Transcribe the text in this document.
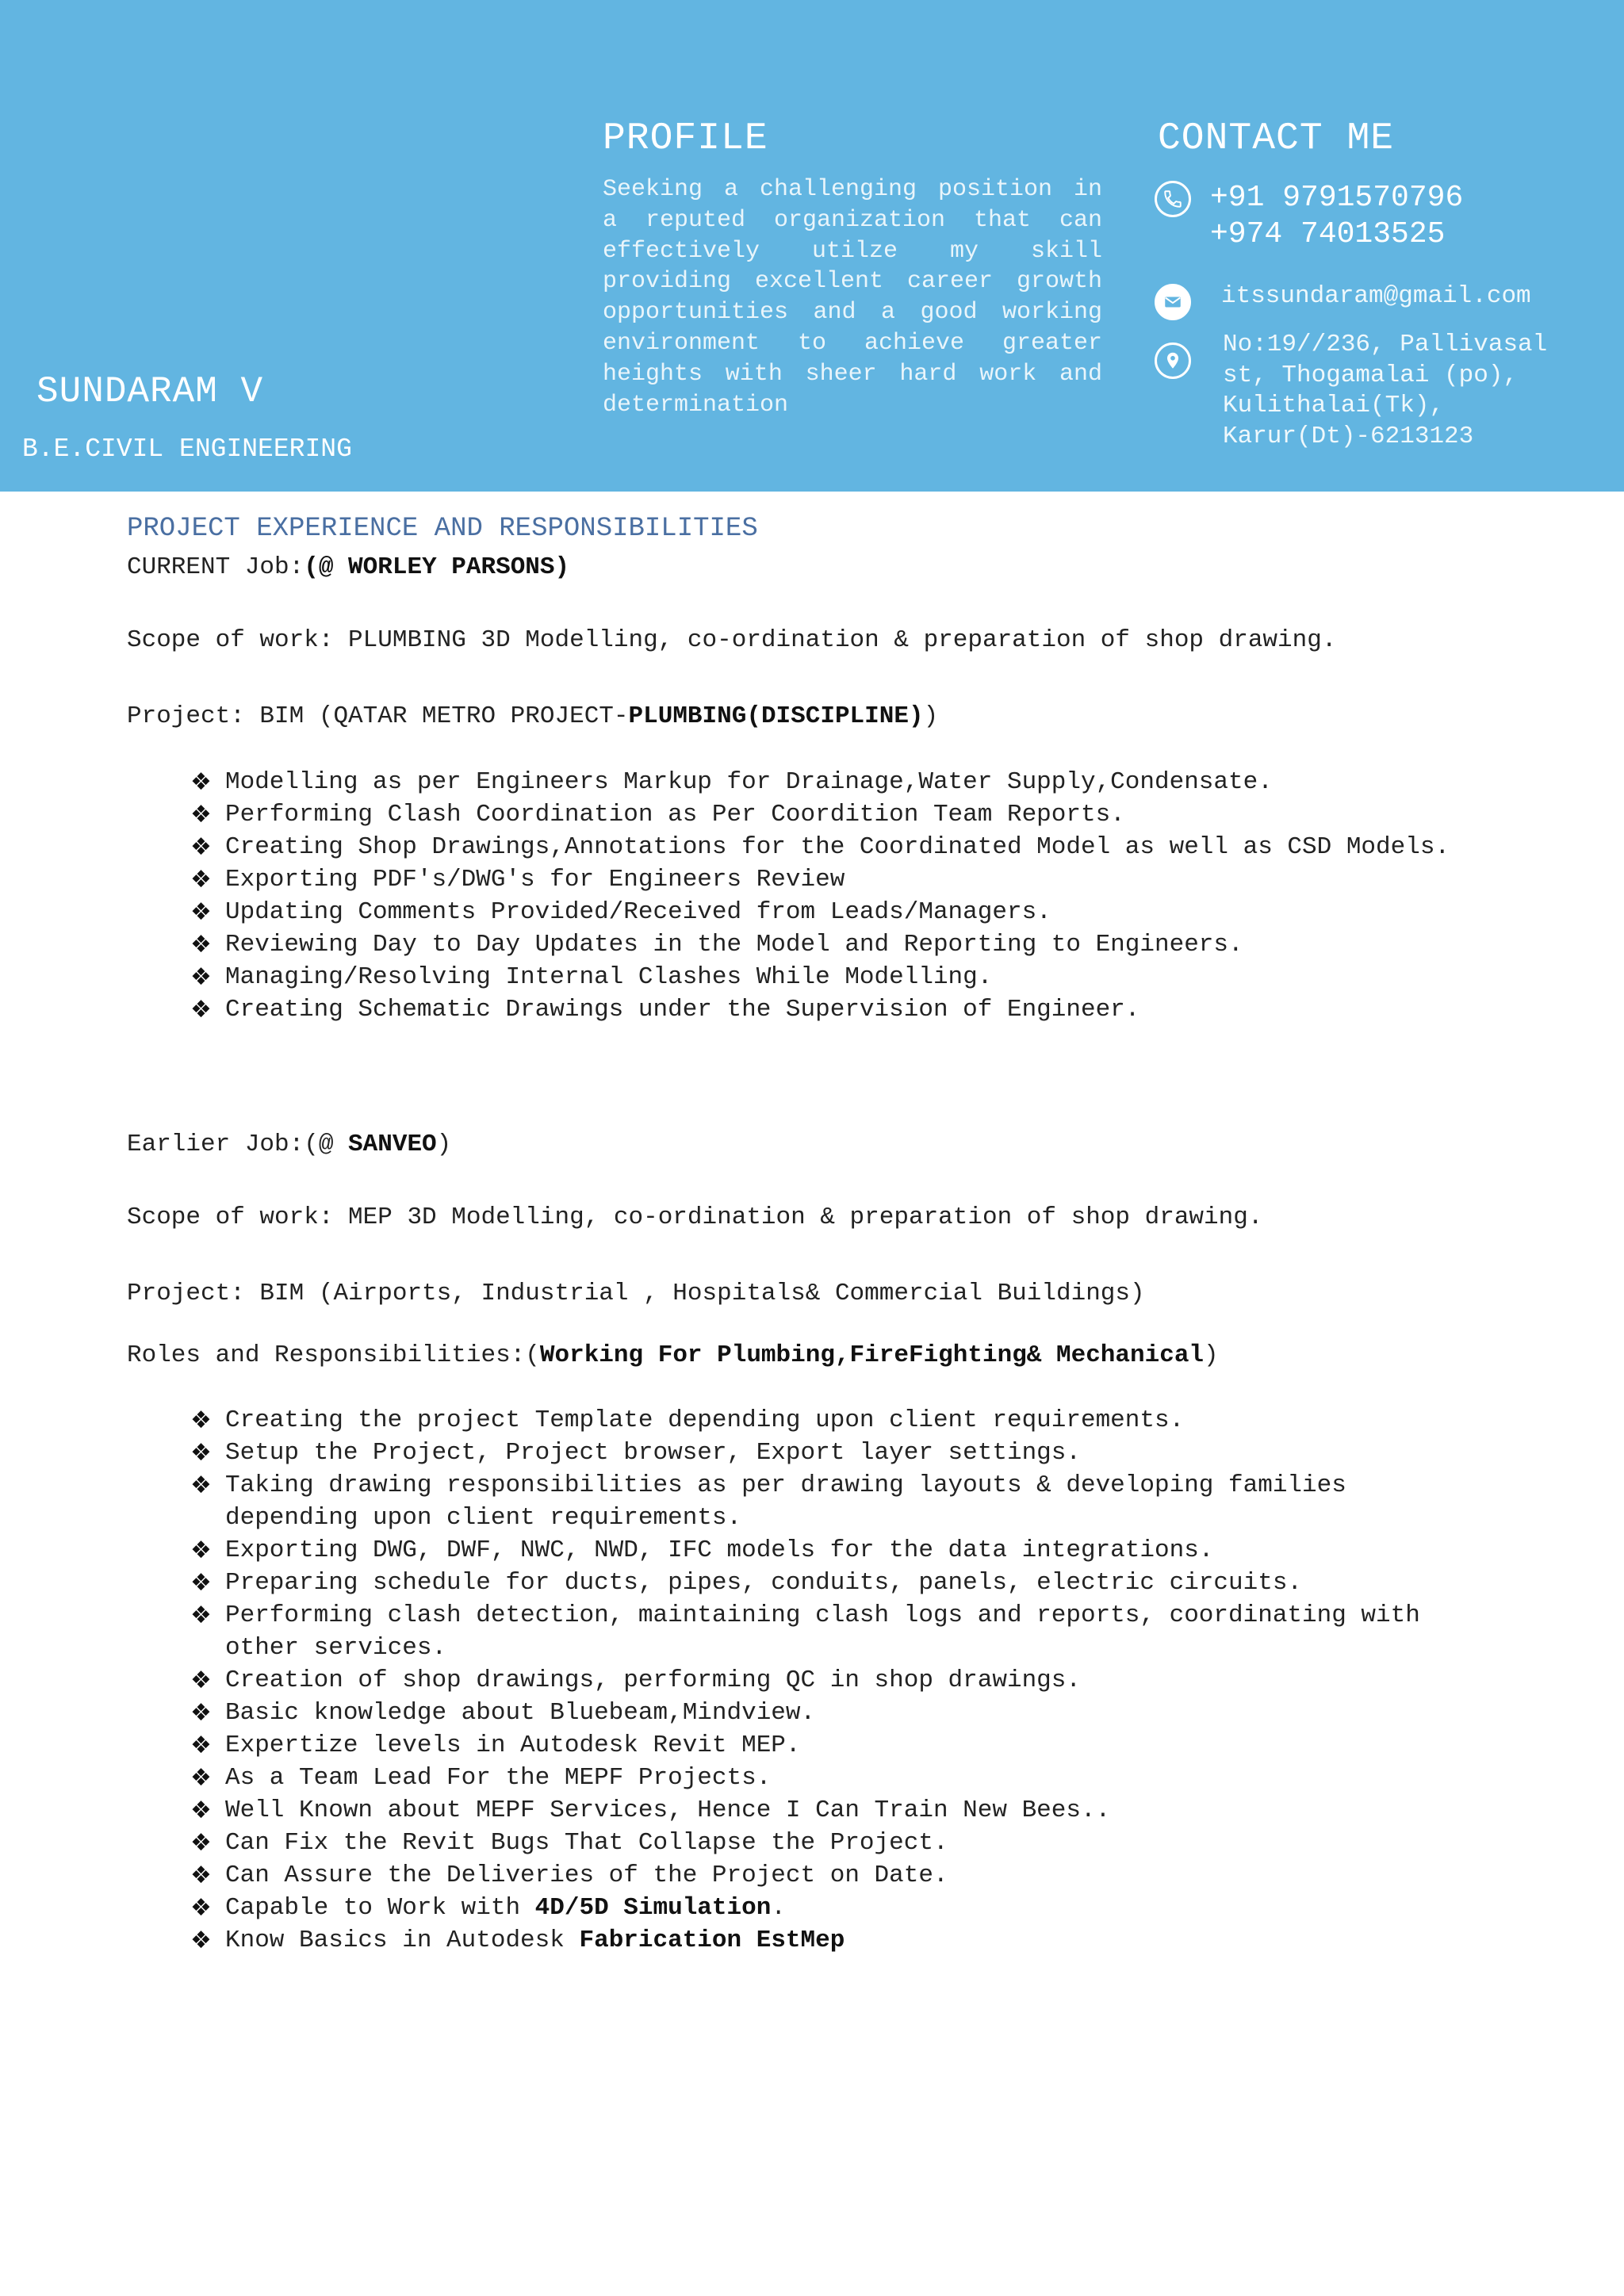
SUNDARAM V
B.E.CIVIL ENGINEERING
PROFILE
Seeking a challenging position in a reputed organization that can effectively utilze my skill providing excellent career growth opportunities and a good working environment to achieve greater heights with sheer hard work and determination
CONTACT ME
+91 9791570796
+974 74013525
itssundaram@gmail.com
No:19//236, Pallivasal st, Thogamalai (po), Kulithalai(Tk), Karur(Dt)-6213123
PROJECT EXPERIENCE AND RESPONSIBILITIES
CURRENT Job:(@ WORLEY PARSONS)
Scope of work: PLUMBING 3D Modelling, co-ordination & preparation of shop drawing.
Project: BIM (QATAR METRO PROJECT-PLUMBING(DISCIPLINE))
❖ Modelling as per Engineers Markup for Drainage,Water Supply,Condensate.
❖ Performing Clash Coordination as Per Coordition Team Reports.
❖ Creating Shop Drawings,Annotations for the Coordinated Model as well as CSD Models.
❖ Exporting PDF's/DWG's for Engineers Review
❖ Updating Comments Provided/Received from Leads/Managers.
❖ Reviewing Day to Day Updates in the Model and Reporting to Engineers.
❖ Managing/Resolving Internal Clashes While Modelling.
❖ Creating Schematic Drawings under the Supervision of Engineer.
Earlier Job:(@ SANVEO)
Scope of work: MEP 3D Modelling, co-ordination & preparation of shop drawing.
Project: BIM (Airports, Industrial , Hospitals& Commercial Buildings)
Roles and Responsibilities:(Working For Plumbing,FireFighting& Mechanical)
❖ Creating the project Template depending upon client requirements.
❖ Setup the Project, Project browser, Export layer settings.
❖ Taking drawing responsibilities as per drawing layouts & developing families depending upon client requirements.
❖ Exporting DWG, DWF, NWC, NWD, IFC models for the data integrations.
❖ Preparing schedule for ducts, pipes, conduits, panels, electric circuits.
❖ Performing clash detection, maintaining clash logs and reports, coordinating with other services.
❖ Creation of shop drawings, performing QC in shop drawings.
❖ Basic knowledge about Bluebeam,Mindview.
❖ Expertize levels in Autodesk Revit MEP.
❖ As a Team Lead For the MEPF Projects.
❖ Well Known about MEPF Services, Hence I Can Train New Bees..
❖ Can Fix the Revit Bugs That Collapse the Project.
❖ Can Assure the Deliveries of the Project on Date.
❖ Capable to Work with 4D/5D Simulation.
❖ Know Basics in Autodesk Fabrication EstMep
